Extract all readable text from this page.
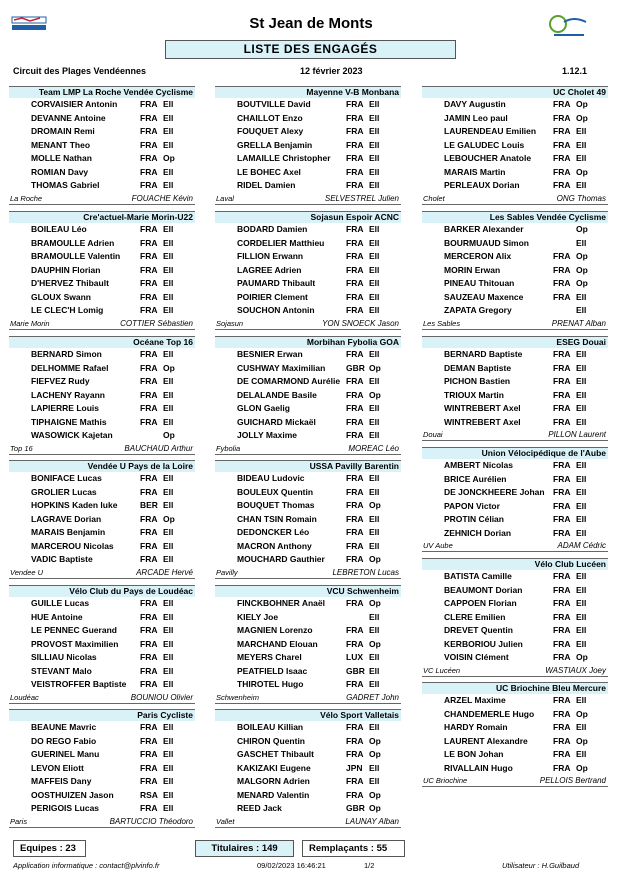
St Jean de Monts
LISTE DES ENGAGÉS
Circuit des Plages Vendéennes	12 février 2023	1.12.1
Team LMP La Roche Vendée Cyclisme
CORVAISIER Antonin	FRA Ell
DEVANNE Antoine	FRA Ell
DROMAIN Remi	FRA Ell
MENANT Theo	FRA Ell
MOLLE Nathan	FRA Op
ROMIAN Davy	FRA Ell
THOMAS Gabriel	FRA Ell
La Roche	FOUACHE Kévin
Cre'actuel-Marie Morin-U22
BOILEAU Léo	FRA Ell
BRAMOULLE Adrien	FRA Ell
BRAMOULLE Valentin FRA Ell
DAUPHIN Florian	FRA Ell
D'HERVEZ Thibault	FRA Ell
GLOUX Swann	FRA Ell
LE CLEC'H Lomig	FRA Ell
Marie Morin	COTTIER Sébastien
Océane Top 16
BERNARD Simon	FRA Ell
DELHOMME Rafael	FRA Op
FIEFVEZ Rudy	FRA Ell
LACHENY Rayann	FRA Ell
LAPIERRE Louis	FRA Ell
TIPHAIGNE Mathis	FRA Ell
WASOWICK Kajetan	Op
Top 16	BAUCHAUD Arthur
Vendée U Pays de la Loire
BONIFACE Lucas	FRA Ell
GROLIER Lucas	FRA Ell
HOPKINS Kaden luke	BER Ell
LAGRAVE Dorian	FRA Op
MARAIS Benjamin	FRA Ell
MARCEROU Nicolas	FRA Ell
VADIC Baptiste	FRA Ell
Vendee U	ARCADE Hervé
Vélo Club du Pays de Loudéac
GUILLE Lucas	FRA Ell
HUE Antoine	FRA Ell
LE PENNEC Guerand	FRA Ell
PROVOST Maximilien	FRA Ell
SILLIAU Nicolas	FRA Ell
STEVANT Malo	FRA Ell
VEISTROFFER Baptiste FRA Ell
Loudéac	BOUNIOU Olivier
Paris Cycliste
BEAUNE Mavric	FRA Ell
DO REGO Fabio	FRA Ell
GUERINEL Manu	FRA Ell
LEVON Eliott	FRA Ell
MAFFEIS Dany	FRA Ell
OOSTHUIZEN Jason	RSA Ell
PERIGOIS Lucas	FRA Ell
Paris	BARTUCCIO Théodoro
Mayenne V-B Monbana
BOUTVILLE David	FRA Ell
CHAILLOT Enzo	FRA Ell
FOUQUET Alexy	FRA Ell
GRELLA Benjamin	FRA Ell
LAMAILLE Christopher FRA Ell
LE BOHEC Axel	FRA Ell
RIDEL Damien	FRA Ell
Laval	SELVESTREL Julien
Sojasun Espoir ACNC
BODARD Damien	FRA Ell
CORDELIER Matthieu	FRA Ell
FILLION Erwann	FRA Ell
LAGREE Adrien	FRA Ell
PAUMARD Thibault	FRA Ell
POIRIER Clement	FRA Ell
SOUCHON Antonin	FRA Ell
Sojasun	YON SNOECK Jason
Morbihan Fybolia GOA
BESNIER Erwan	FRA Ell
CUSHWAY Maximilian GBR Op
DE COMARMOND Aurélie FRA Ell
DELALANDE Basile	FRA Op
GLON Gaelig	FRA Ell
GUICHARD Mickaël	FRA Ell
JOLLY Maxime	FRA Ell
Fybolia	MOREAC Léo
USSA Pavilly Barentin
BIDEAU Ludovic	FRA Ell
BOULEUX Quentin	FRA Ell
BOUQUET Thomas	FRA Op
CHAN TSIN Romain	FRA Ell
DEDONCKER Léo	FRA Ell
MACRON Anthony	FRA Ell
MOUCHARD Gauthier FRA Op
Pavilly	LEBRETON Lucas
VCU Schwenheim
FINCKBOHNER Anaël FRA Op
KIELY Joe	Ell
MAGNIEN Lorenzo	FRA Ell
MARCHAND Elouan	FRA Op
MEYERS Charel	LUX Ell
PEATFIELD Isaac	GBR Ell
THIROTEL Hugo	FRA Ell
Schwenheim	GADRET John
Vélo Sport Valletais
BOILEAU Killian	FRA Ell
CHIRON Quentin	FRA Op
GASCHET Thibault	FRA Op
KAKIZAKI Eugene	JPN Ell
MALGORN Adrien	FRA Ell
MENARD Valentin	FRA Op
REED Jack	GBR Op
Vallet	LAUNAY Alban
UC Cholet 49
DAVY Augustin	FRA Op
JAMIN Leo paul	FRA Op
LAURENDEAU Emilien FRA Ell
LE GALUDEC Louis	FRA Ell
LEBOUCHER Anatole	FRA Ell
MARAIS Martin	FRA Op
PERLEAUX Dorian	FRA Ell
Cholet	ONG Thomas
Les Sables Vendée Cyclisme
BARKER Alexander	Op
BOURMUAUD Simon	Ell
MERCERON Alix	FRA Op
MORIN Erwan	FRA Op
PINEAU Thitouan	FRA Op
SAUZEAU Maxence	FRA Ell
ZAPATA Gregory	Ell
Les Sables	PRENAT Alban
ESEG Douai
BERNARD Baptiste	FRA Ell
DEMAN Baptiste	FRA Ell
PICHON Bastien	FRA Ell
TRIOUX Martin	FRA Ell
WINTREBERT Axel	FRA Ell
WINTREBERT Axel	FRA Ell
Douai	PILLON Laurent
Union Vélocipédique de l'Aube
AMBERT Nicolas	FRA Ell
BRICE Aurélien	FRA Ell
DE JONCKHEERE Johan FRA Ell
PAPON Victor	FRA Ell
PROTIN Célian	FRA Ell
ZEHNICH Dorian	FRA Ell
UV Aube	ADAM Cédric
Vélo Club Lucéen
BATISTA Camille	FRA Ell
BEAUMONT Dorian	FRA Ell
CAPPOEN Florian	FRA Ell
CLERE Emilien	FRA Ell
DREVET Quentin	FRA Ell
KERBORIOU Julien	FRA Ell
VOISIN Clément	FRA Op
VC Lucéen	WASTIAUX Joey
UC Briochine Bleu Mercure
ARZEL Maxime	FRA Ell
CHANDEMERLE Hugo FRA Op
HARDY Romain	FRA Ell
LAURENT Alexandre	FRA Op
LE BON Johan	FRA Ell
RIVALLAIN Hugo	FRA Op
UC Briochine	PELLOIS Bertrand
Equipes : 23	Titulaires : 149	Remplaçants : 55
Application informatique : contact@plvinfo.fr	09/02/2023 16:46:21	1/2	Utilisateur : H.Guilbaud
